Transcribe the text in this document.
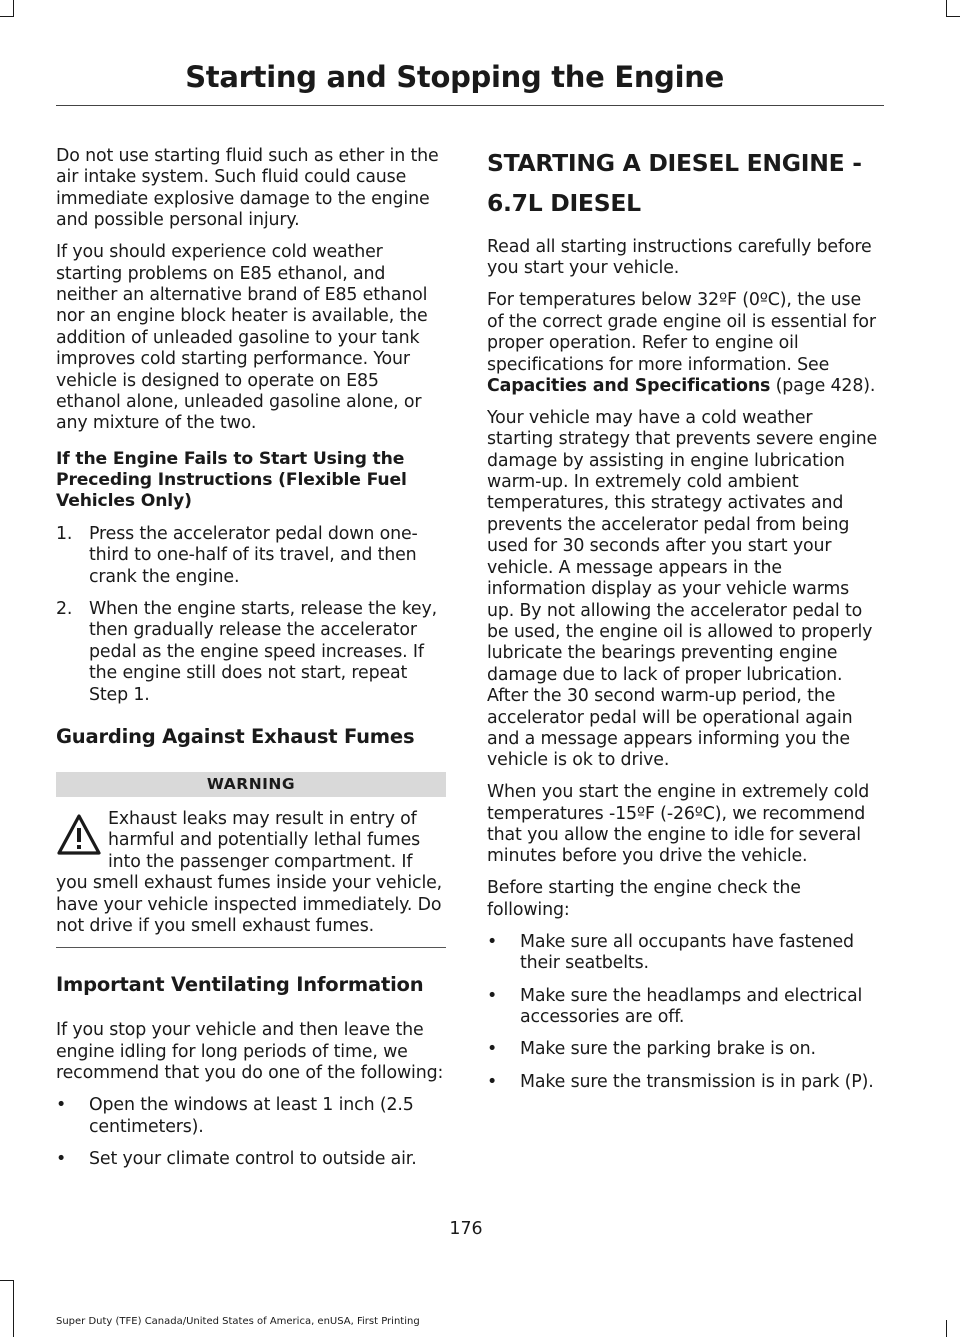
Starting and Stopping the Engine

Do not use starting fluid such as ether in the air intake system. Such fluid could cause immediate explosive damage to the engine and possible personal injury.

If you should experience cold weather starting problems on E85 ethanol, and neither an alternative brand of E85 ethanol nor an engine block heater is available, the addition of unleaded gasoline to your tank improves cold starting performance. Your vehicle is designed to operate on E85 ethanol alone, unleaded gasoline alone, or any mixture of the two.

If the Engine Fails to Start Using the Preceding Instructions (Flexible Fuel Vehicles Only)
1. Press the accelerator pedal down one-third to one-half of its travel, and then crank the engine.
2. When the engine starts, release the key, then gradually release the accelerator pedal as the engine speed increases. If the engine still does not start, repeat Step 1.
Guarding Against Exhaust Fumes
WARNING
Exhaust leaks may result in entry of
harmful and potentially lethal fumes
into the passenger compartment. If
you smell exhaust fumes inside your vehicle, have your vehicle inspected immediately. Do not drive if you smell exhaust fumes.
Important Ventilating Information

If you stop your vehicle and then leave the engine idling for long periods of time, we recommend that you do one of the following:

• Open the windows at least 1 inch (2.5 centimeters).
• Set your climate control to outside air.
STARTING A DIESEL ENGINE - 6.7L DIESEL

Read all starting instructions carefully before you start your vehicle.

For temperatures below 32ºF (0ºC), the use of the correct grade engine oil is essential for proper operation. Refer to engine oil specifications for more information. See Capacities and Specifications (page 428).

Your vehicle may have a cold weather starting strategy that prevents severe engine damage by assisting in engine lubrication warm-up. In extremely cold ambient temperatures, this strategy activates and prevents the accelerator pedal from being used for 30 seconds after you start your vehicle. A message appears in the information display as your vehicle warms up. By not allowing the accelerator pedal to be used, the engine oil is allowed to properly lubricate the bearings preventing engine damage due to lack of proper lubrication. After the 30 second warm-up period, the accelerator pedal will be operational again and a message appears informing you the vehicle is ok to drive.

When you start the engine in extremely cold temperatures -15ºF (-26ºC), we recommend that you allow the engine to idle for several minutes before you drive the vehicle.

Before starting the engine check the following:

• Make sure all occupants have fastened their seatbelts.
• Make sure the headlamps and electrical accessories are off.
• Make sure the parking brake is on.
• Make sure the transmission is in park (P).
176
Super Duty (TFE) Canada/United States of America, enUSA, First Printing
